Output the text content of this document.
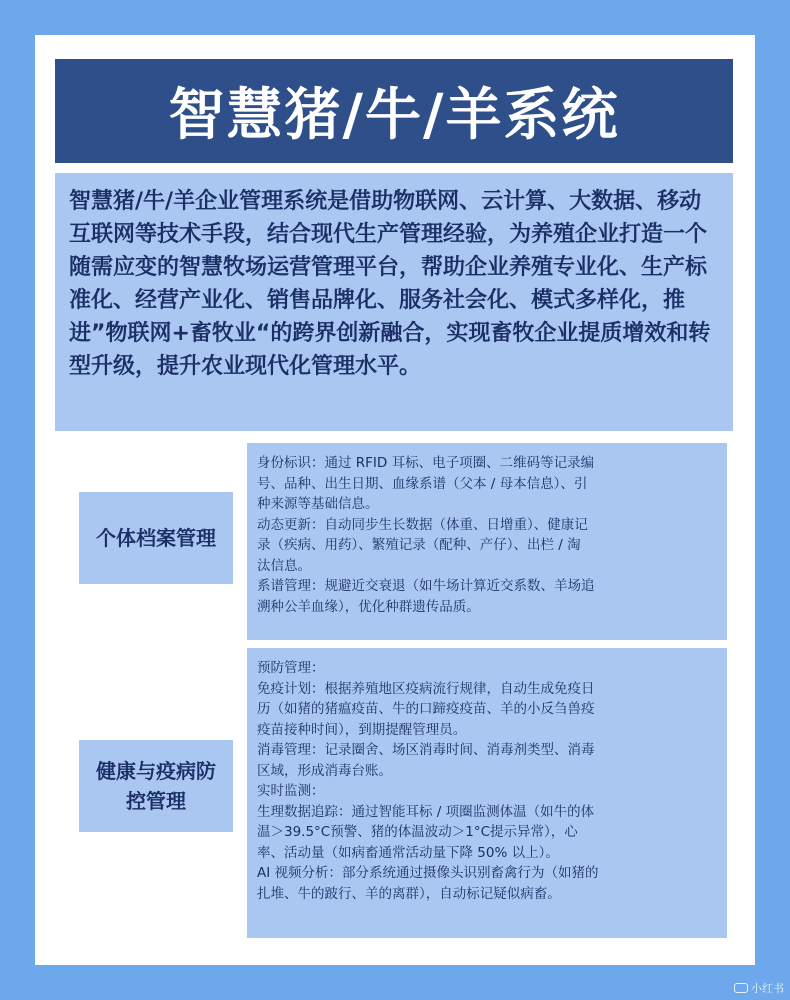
智慧猪/牛/羊系统

智慧猪/牛/羊企业管理系统是借助物联网、云计算、大数据、移动互联网等技术手段，结合现代生产管理经验，为养殖企业打造一个随需应变的智慧牧场运营管理平台，帮助企业养殖专业化、生产标准化、经营产业化、销售品牌化、服务社会化、模式多样化，推进”物联网+畜牧业“的跨界创新融合，实现畜牧企业提质增效和转型升级，提升农业现代化管理水平。

个体档案管理

身份标识：通过 RFID 耳标、电子项圈、二维码等记录编

号、品种、出生日期、血缘系谱（父本 / 母本信息）、引

种来源等基础信息。

动态更新：自动同步生长数据（体重、日增重）、健康记

录（疾病、用药）、繁殖记录（配种、产仔）、出栏 / 淘

汰信息。

系谱管理：规避近交衰退（如牛场计算近交系数、羊场追

溯种公羊血缘），优化种群遗传品质。

健康与疫病防控管理

预防管理：

免疫计划：根据养殖地区疫病流行规律，自动生成免疫日

历（如猪的猪瘟疫苗、牛的口蹄疫疫苗、羊的小反刍兽疫

疫苗接种时间），到期提醒管理员。

消毒管理：记录圈舍、场区消毒时间、消毒剂类型、消毒

区域，形成消毒台账。

实时监测：

生理数据追踪：通过智能耳标 / 项圈监测体温（如牛的体

温＞39.5°C预警、猪的体温波动＞1°C提示异常），心

率、活动量（如病畜通常活动量下降 50% 以上）。

AI 视频分析：部分系统通过摄像头识别畜禽行为（如猪的

扎堆、牛的跛行、羊的离群），自动标记疑似病畜。

小红书
